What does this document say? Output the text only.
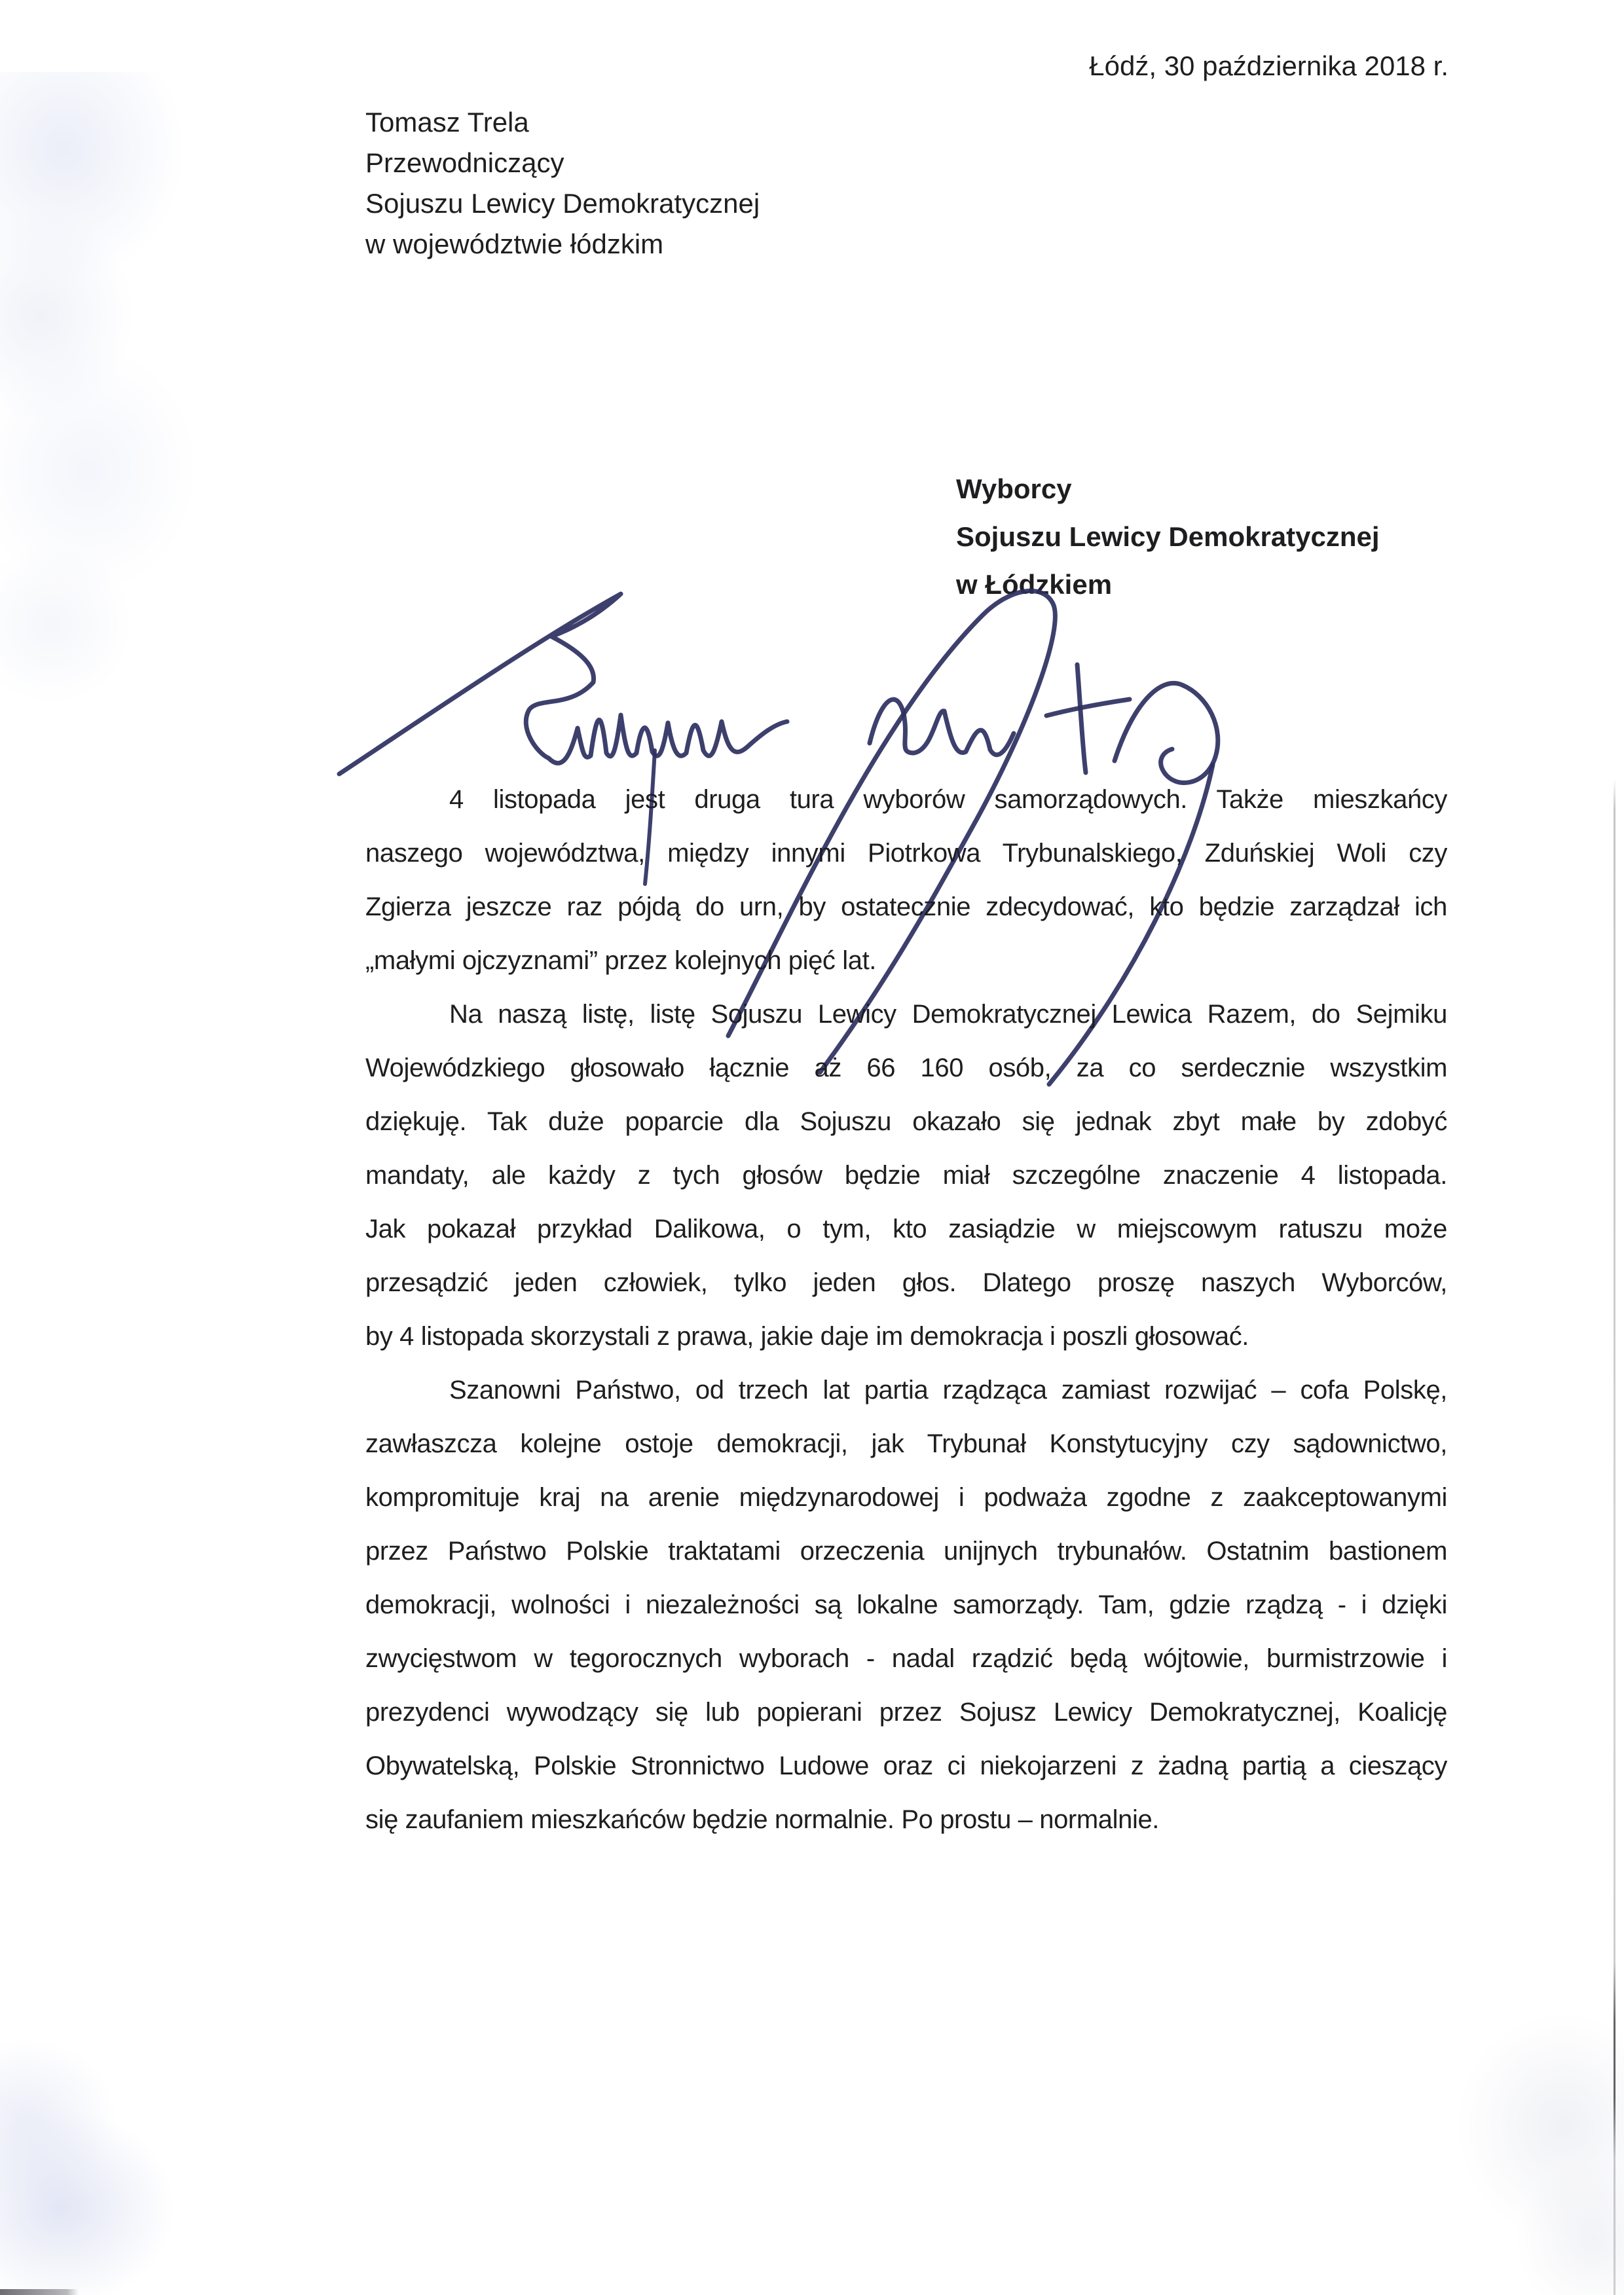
Łódź, 30 października 2018 r.
Tomasz Trela
Przewodniczący
Sojuszu Lewicy Demokratycznej
w województwie łódzkim
Wyborcy
Sojuszu Lewicy Demokratycznej
w Łódzkiem
4 listopada jest druga tura wyborów samorządowych. Także mieszkańcy
naszego województwa, między innymi Piotrkowa Trybunalskiego, Zduńskiej Woli czy
Zgierza jeszcze raz pójdą do urn, by ostatecznie zdecydować, kto będzie zarządzał ich
„małymi ojczyznami” przez kolejnych pięć lat.
Na naszą listę, listę Sojuszu Lewicy Demokratycznej Lewica Razem, do Sejmiku
Wojewódzkiego głosowało łącznie aż 66 160 osób, za co serdecznie wszystkim
dziękuję. Tak duże poparcie dla Sojuszu okazało się jednak zbyt małe by zdobyć
mandaty, ale każdy z tych głosów będzie miał szczególne znaczenie 4 listopada.
Jak pokazał przykład Dalikowa, o tym, kto zasiądzie w miejscowym ratuszu może
przesądzić jeden człowiek, tylko jeden głos. Dlatego proszę naszych Wyborców,
by 4 listopada skorzystali z prawa, jakie daje im demokracja i poszli głosować.
Szanowni Państwo, od trzech lat partia rządząca zamiast rozwijać – cofa Polskę,
zawłaszcza kolejne ostoje demokracji, jak Trybunał Konstytucyjny czy sądownictwo,
kompromituje kraj na arenie międzynarodowej i podważa zgodne z zaakceptowanymi
przez Państwo Polskie traktatami orzeczenia unijnych trybunałów. Ostatnim bastionem
demokracji, wolności i niezależności są lokalne samorządy. Tam, gdzie rządzą - i dzięki
zwycięstwom w tegorocznych wyborach - nadal rządzić będą wójtowie, burmistrzowie i
prezydenci wywodzący się lub popierani przez Sojusz Lewicy Demokratycznej, Koalicję
Obywatelską, Polskie Stronnictwo Ludowe oraz ci niekojarzeni z żadną partią a cieszący
się zaufaniem mieszkańców będzie normalnie. Po prostu – normalnie.
